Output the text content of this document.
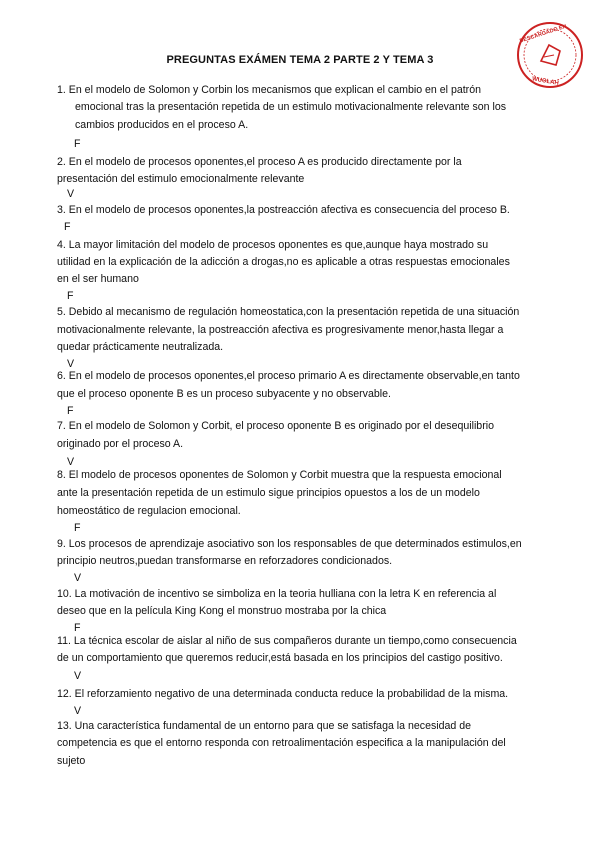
PREGUNTAS EXÁMEN TEMA 2 PARTE 2 Y TEMA 3
DESCARGADO EN
WUOLAH
1. En el modelo de Solomon y Corbin los mecanismos que explican el cambio en el patrón
emocional tras la presentación repetida de un estimulo motivacionalmente relevante son los
cambios producidos en el proceso A.
F
2. En el modelo de procesos oponentes,el proceso A es producido directamente por la
presentación del estimulo emocionalmente relevante
V
3. En el modelo de procesos oponentes,la postreacción afectiva es consecuencia del proceso B.
F
4. La mayor limitación del modelo de procesos oponentes es que,aunque haya mostrado su
utilidad en la explicación de la adicción a drogas,no es aplicable a otras respuestas emocionales
en el ser humano
F
5. Debido al mecanismo de regulación homeostatica,con la presentación repetida de una situación
motivacionalmente relevante, la postreacción afectiva es progresivamente menor,hasta llegar a
quedar prácticamente neutralizada.
V
6. En el modelo de procesos oponentes,el proceso primario A es directamente observable,en tanto
que el proceso oponente B es un proceso subyacente y no observable.
F
7. En el modelo de Solomon y Corbit, el proceso oponente B es originado por el desequilibrio
originado por el proceso A.
V
8. El modelo de procesos oponentes de Solomon y Corbit muestra que la respuesta emocional
ante la presentación repetida de un estimulo sigue principios opuestos a los de un modelo
homeostático de regulacion emocional.
F
9. Los procesos de aprendizaje asociativo son los responsables de que determinados estimulos,en
principio neutros,puedan transformarse en reforzadores condicionados.
V
10. La motivación de incentivo se simboliza en la teoria hulliana con la letra K en referencia al
deseo que en la película King Kong el monstruo mostraba por la chica
F
11. La técnica escolar de aislar al niño de sus compañeros durante un tiempo,como consecuencia
de un comportamiento que queremos reducir,está basada en los principios del castigo positivo.
V
12. El reforzamiento negativo de una determinada conducta reduce la probabilidad de la misma.
V
13. Una característica fundamental de un entorno para que se satisfaga la necesidad de
competencia es que el entorno responda con retroalimentación especifica a la manipulación del
sujeto
